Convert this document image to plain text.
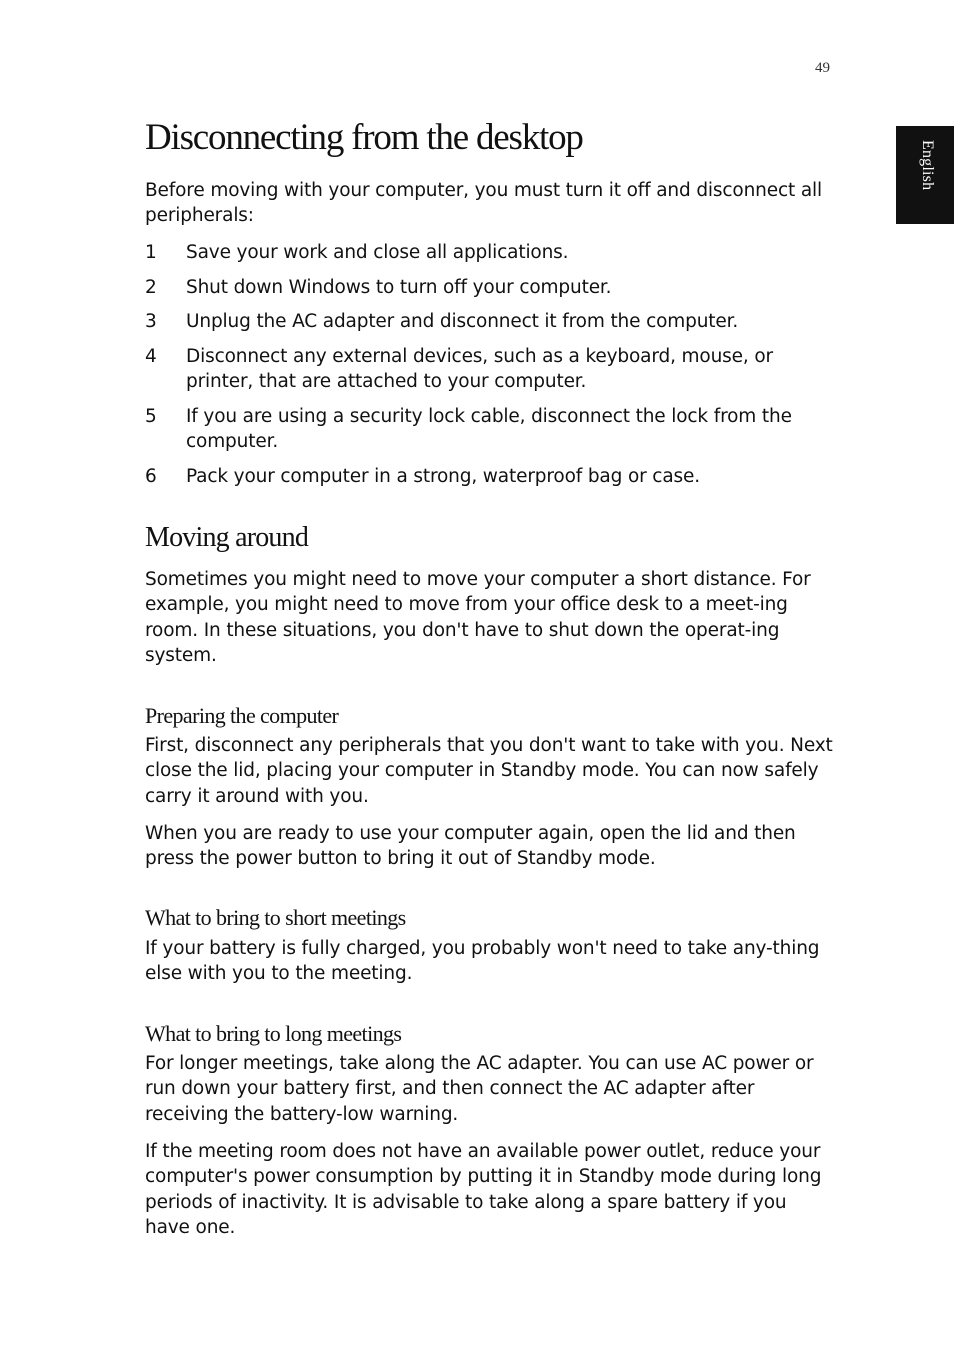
49
English
Disconnecting from the desktop

Before moving with your computer, you must turn it off and disconnect all peripherals:

1 Save your work and close all applications.
2 Shut down Windows to turn off your computer.
3 Unplug the AC adapter and disconnect it from the computer.
4 Disconnect any external devices, such as a keyboard, mouse, or printer, that are attached to your computer.
5 If you are using a security lock cable, disconnect the lock from the computer.
6 Pack your computer in a strong, waterproof bag or case.
Moving around

Sometimes you might need to move your computer a short distance. For example, you might need to move from your office desk to a meet-ing room. In these situations, you don't have to shut down the operat-ing system.

Preparing the computer

First, disconnect any peripherals that you don't want to take with you. Next close the lid, placing your computer in Standby mode. You can now safely carry it around with you.

When you are ready to use your computer again, open the lid and then press the power button to bring it out of Standby mode.

What to bring to short meetings

If your battery is fully charged, you probably won't need to take any-thing else with you to the meeting.

What to bring to long meetings

For longer meetings, take along the AC adapter. You can use AC power or run down your battery first, and then connect the AC adapter after receiving the battery-low warning.

If the meeting room does not have an available power outlet, reduce your computer's power consumption by putting it in Standby mode during long periods of inactivity. It is advisable to take along a spare battery if you have one.
